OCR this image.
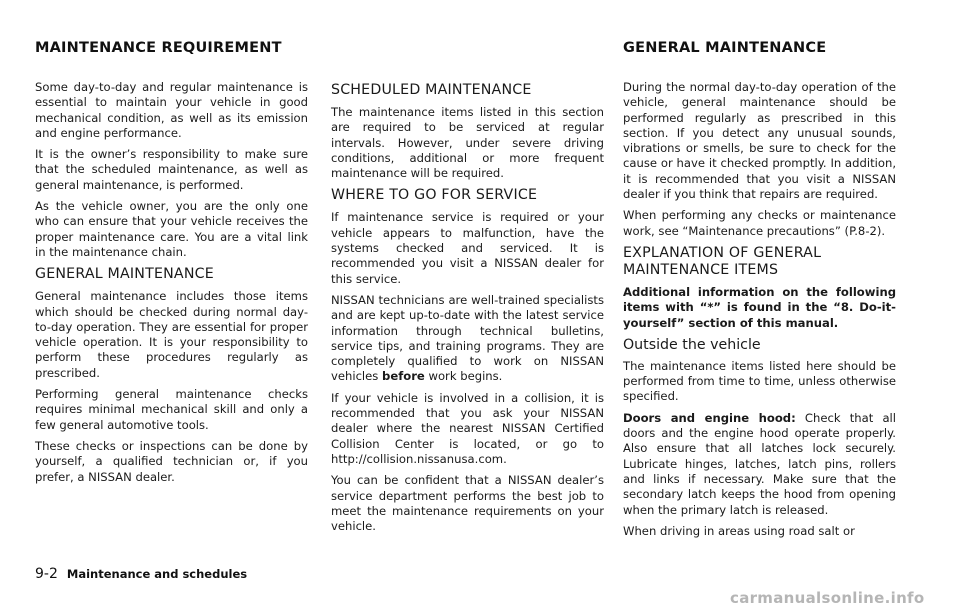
MAINTENANCE REQUIREMENT	GENERAL MAINTENANCE

Some day-to-day and regular maintenance is essential to maintain your vehicle in good mechanical condition, as well as its emission and engine performance.

It is the owner’s responsibility to make sure that the scheduled maintenance, as well as general maintenance, is performed.

As the vehicle owner, you are the only one who can ensure that your vehicle receives the proper maintenance care. You are a vital link in the maintenance chain.

GENERAL MAINTENANCE

General maintenance includes those items which should be checked during normal day-to-day operation. They are essential for proper vehicle operation. It is your responsibility to perform these procedures regularly as prescribed.

Performing general maintenance checks requires minimal mechanical skill and only a few general automotive tools.

These checks or inspections can be done by yourself, a qualified technician or, if you prefer, a NISSAN dealer.

SCHEDULED MAINTENANCE

The maintenance items listed in this section are required to be serviced at regular intervals. However, under severe driving conditions, additional or more frequent maintenance will be required.

WHERE TO GO FOR SERVICE

If maintenance service is required or your vehicle appears to malfunction, have the systems checked and serviced. It is recommended you visit a NISSAN dealer for this service.

NISSAN technicians are well-trained specialists and are kept up-to-date with the latest service information through technical bulletins, service tips, and training programs. They are completely qualified to work on NISSAN vehicles before work begins.

If your vehicle is involved in a collision, it is recommended that you ask your NISSAN dealer where the nearest NISSAN Certified Collision Center is located, or go to http://collision.nissanusa.com.

You can be confident that a NISSAN dealer’s service department performs the best job to meet the maintenance requirements on your vehicle.

During the normal day-to-day operation of the vehicle, general maintenance should be performed regularly as prescribed in this section. If you detect any unusual sounds, vibrations or smells, be sure to check for the cause or have it checked promptly. In addition, it is recommended that you visit a NISSAN dealer if you think that repairs are required.

When performing any checks or maintenance work, see “Maintenance precautions” (P.8-2).

EXPLANATION OF GENERAL MAINTENANCE ITEMS

Additional information on the following items with “*” is found in the “8. Do-it-yourself” section of this manual.

Outside the vehicle

The maintenance items listed here should be performed from time to time, unless otherwise specified.

Doors and engine hood: Check that all doors and the engine hood operate properly. Also ensure that all latches lock securely. Lubricate hinges, latches, latch pins, rollers and links if necessary. Make sure that the secondary latch keeps the hood from opening when the primary latch is released.

When driving in areas using road salt or

9-2 Maintenance and schedules
carmanualsonline.info
